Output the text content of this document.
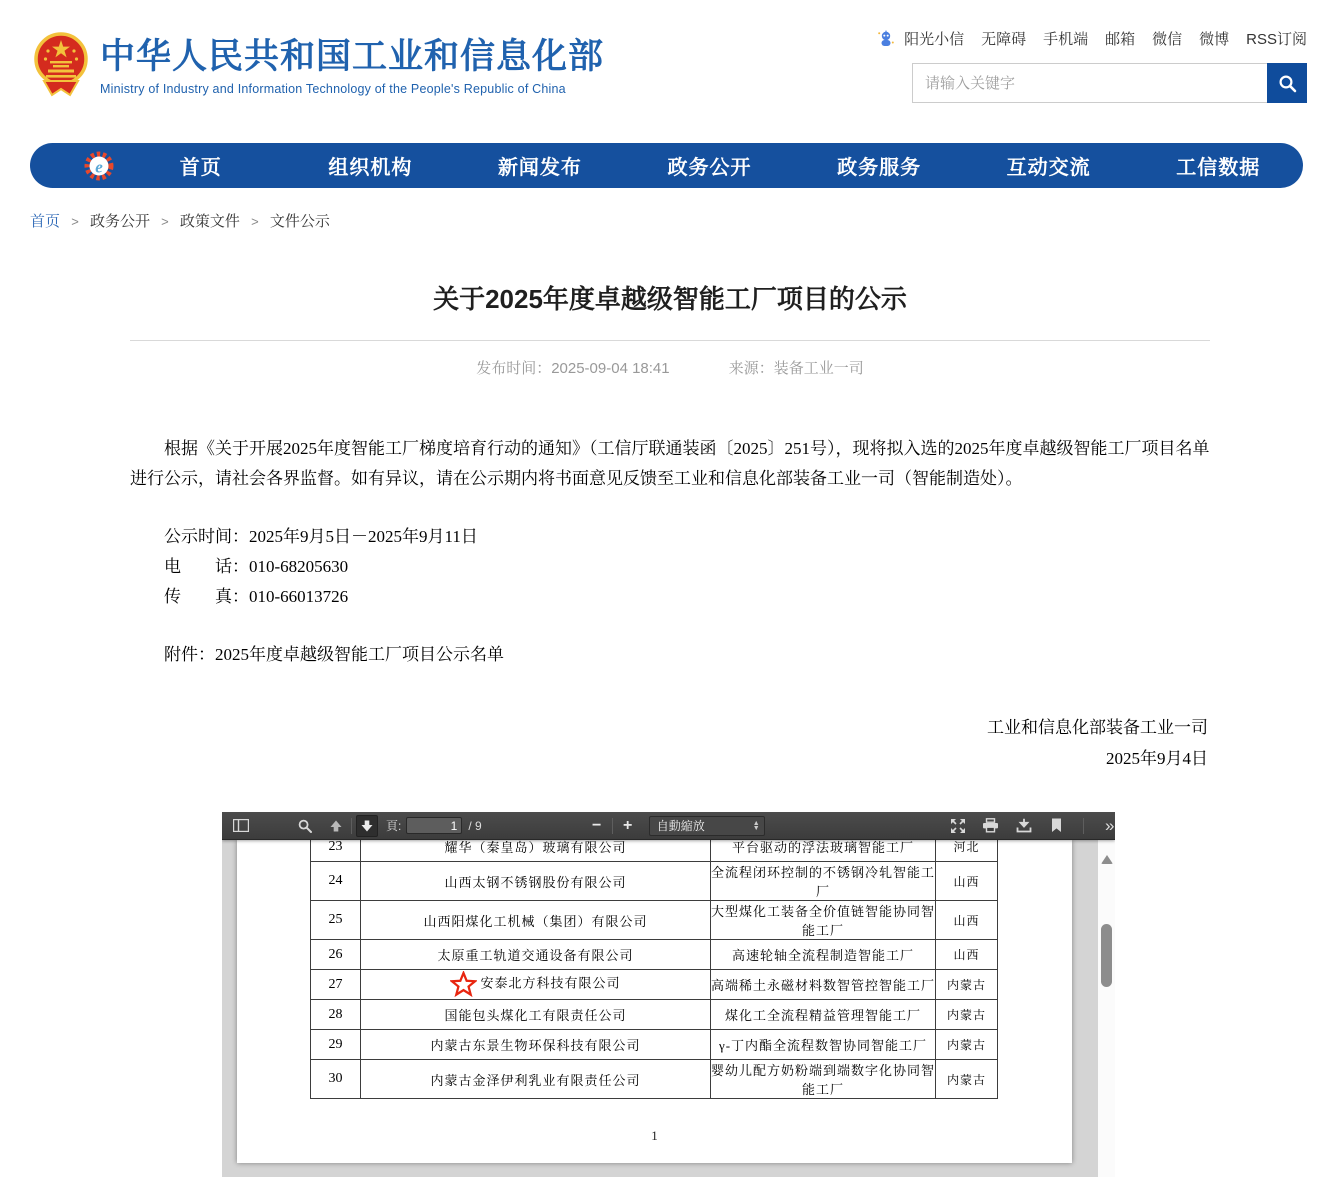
中华人民共和国工业和信息化部
Ministry of Industry and Information Technology of the People's Republic of China
阳光小信 无障碍 手机端 邮箱 微信 微博 RSS订阅
请输入关键字
e	首页	组织机构	新闻发布	政务公开	政务服务	互动交流	工信数据
首页 > 政务公开 > 政策文件 > 文件公示
关于2025年度卓越级智能工厂项目的公示
发布时间：2025-09-04 18:41	来源：装备工业一司

根据《关于开展2025年度智能工厂梯度培育行动的通知》（工信厅联通装函〔2025〕251号），现将拟入选的2025年度卓越级智能工厂项目名单进行公示，请社会各界监督。如有异议，请在公示期内将书面意见反馈至工业和信息化部装备工业一司（智能制造处）。

公示时间：2025年9月5日－2025年9月11日

电　　话：010-68205630

传　　真：010-66013726

附件：2025年度卓越级智能工厂项目公示名单

工业和信息化部装备工业一司
2025年9月4日
頁:
1	/ 9	− + 自動縮放	▲
▼	»
23	耀华（秦皇岛）玻璃有限公司	平台驱动的浮法玻璃智能工厂	河北
24	山西太钢不锈钢股份有限公司	全流程闭环控制的不锈钢冷轧智能工厂	山西
25	山西阳煤化工机械（集团）有限公司	大型煤化工装备全价值链智能协同智能工厂	山西
26	太原重工轨道交通设备有限公司	高速轮轴全流程制造智能工厂	山西
27	安泰北方科技有限公司	高端稀土永磁材料数智管控智能工厂	内蒙古
28	国能包头煤化工有限责任公司	煤化工全流程精益管理智能工厂	内蒙古
29	内蒙古东景生物环保科技有限公司	γ-丁内酯全流程数智协同智能工厂	内蒙古
30	内蒙古金泽伊利乳业有限责任公司	婴幼儿配方奶粉端到端数字化协同智能工厂	内蒙古
1
